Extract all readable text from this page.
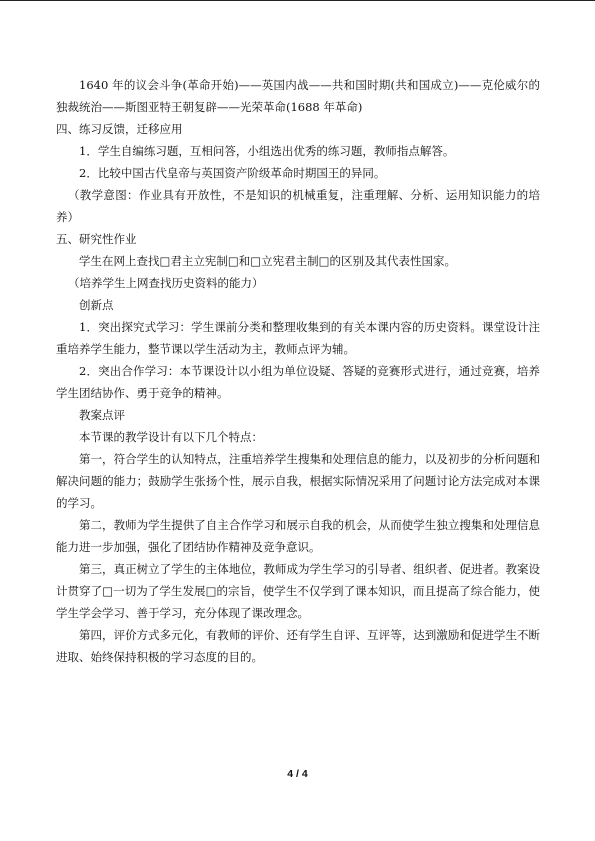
1640 年的议会斗争(革命开始)——英国内战——共和国时期(共和国成立)——克伦威尔的独裁统治——斯图亚特王朝复辟——光荣革命(1688 年革命)

四、练习反馈，迁移应用

1．学生自编练习题，互相问答，小组选出优秀的练习题，教师指点解答。

2．比较中国古代皇帝与英国资产阶级革命时期国王的异同。

（教学意图：作业具有开放性，不是知识的机械重复，注重理解、分析、运用知识能力的培养）

五、研究性作业

学生在网上查找□君主立宪制□和□立宪君主制□的区别及其代表性国家。

（培养学生上网查找历史资料的能力）

创新点

1．突出探究式学习：学生课前分类和整理收集到的有关本课内容的历史资料。课堂设计注重培养学生能力，整节课以学生活动为主，教师点评为辅。

2．突出合作学习：本节课设计以小组为单位设疑、答疑的竞赛形式进行，通过竞赛，培养学生团结协作、勇于竞争的精神。

教案点评

本节课的教学设计有以下几个特点：

第一，符合学生的认知特点，注重培养学生搜集和处理信息的能力，以及初步的分析问题和解决问题的能力；鼓励学生张扬个性，展示自我，根据实际情况采用了问题讨论方法完成对本课的学习。

第二，教师为学生提供了自主合作学习和展示自我的机会，从而使学生独立搜集和处理信息能力进一步加强，强化了团结协作精神及竞争意识。

第三，真正树立了学生的主体地位，教师成为学生学习的引导者、组织者、促进者。教案设计贯穿了□一切为了学生发展□的宗旨，使学生不仅学到了课本知识，而且提高了综合能力，使学生学会学习、善于学习，充分体现了课改理念。

第四，评价方式多元化，有教师的评价、还有学生自评、互评等，达到激励和促进学生不断进取、始终保持积极的学习态度的目的。

4 / 4
